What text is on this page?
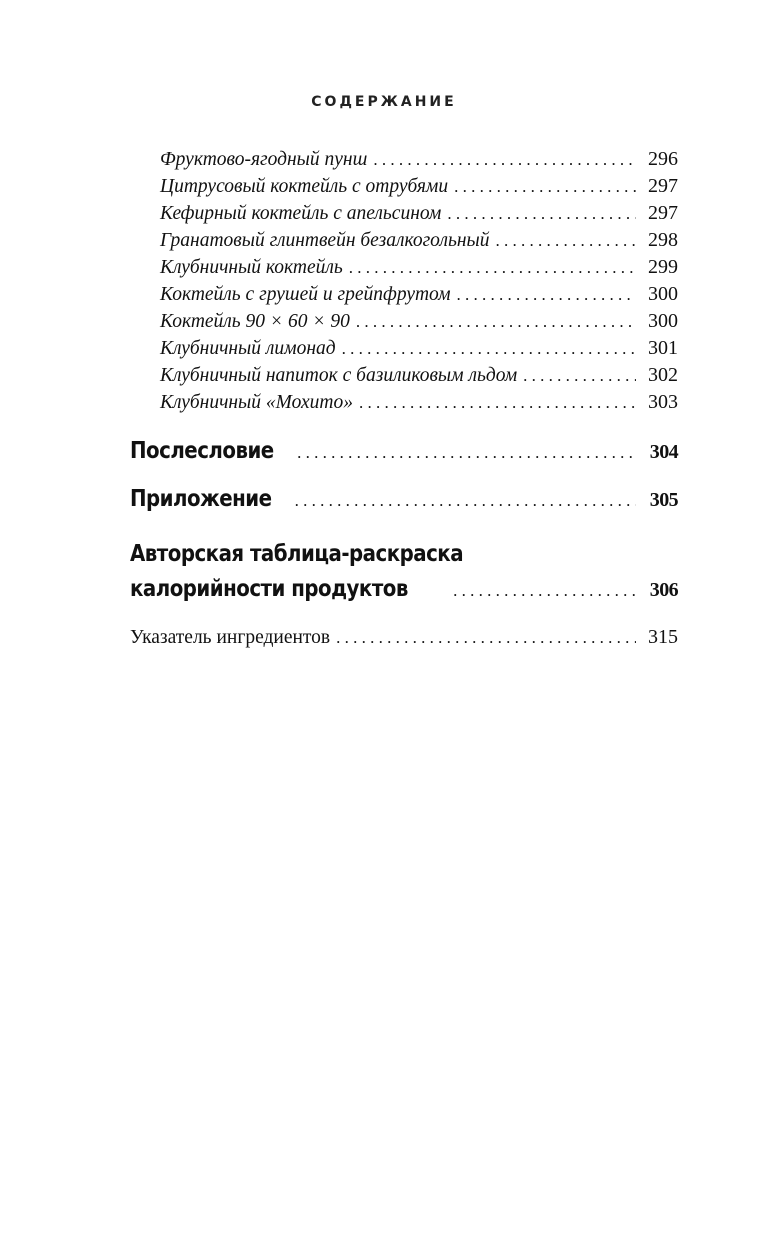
СОДЕРЖАНИЕ
Фруктово-ягодный пунш . . .	296
Цитрусовый коктейль с отрубями . . .	297
Кефирный коктейль с апельсином . . .	297
Гранатовый глинтвейн безалкогольный . . .	298
Клубничный коктейль . . .	299
Коктейль с грушей и грейпфрутом . . .	300
Коктейль 90 × 60 × 90 . . .	300
Клубничный лимонад . . .	301
Клубничный напиток с базиликовым льдом . . .	302
Клубничный «Мохито» . . .	303
Послесловие . . .	304
Приложение . . .	305
Авторская таблица-раскраска
калорийности продуктов . . .	306
Указатель ингредиентов . . .	315
